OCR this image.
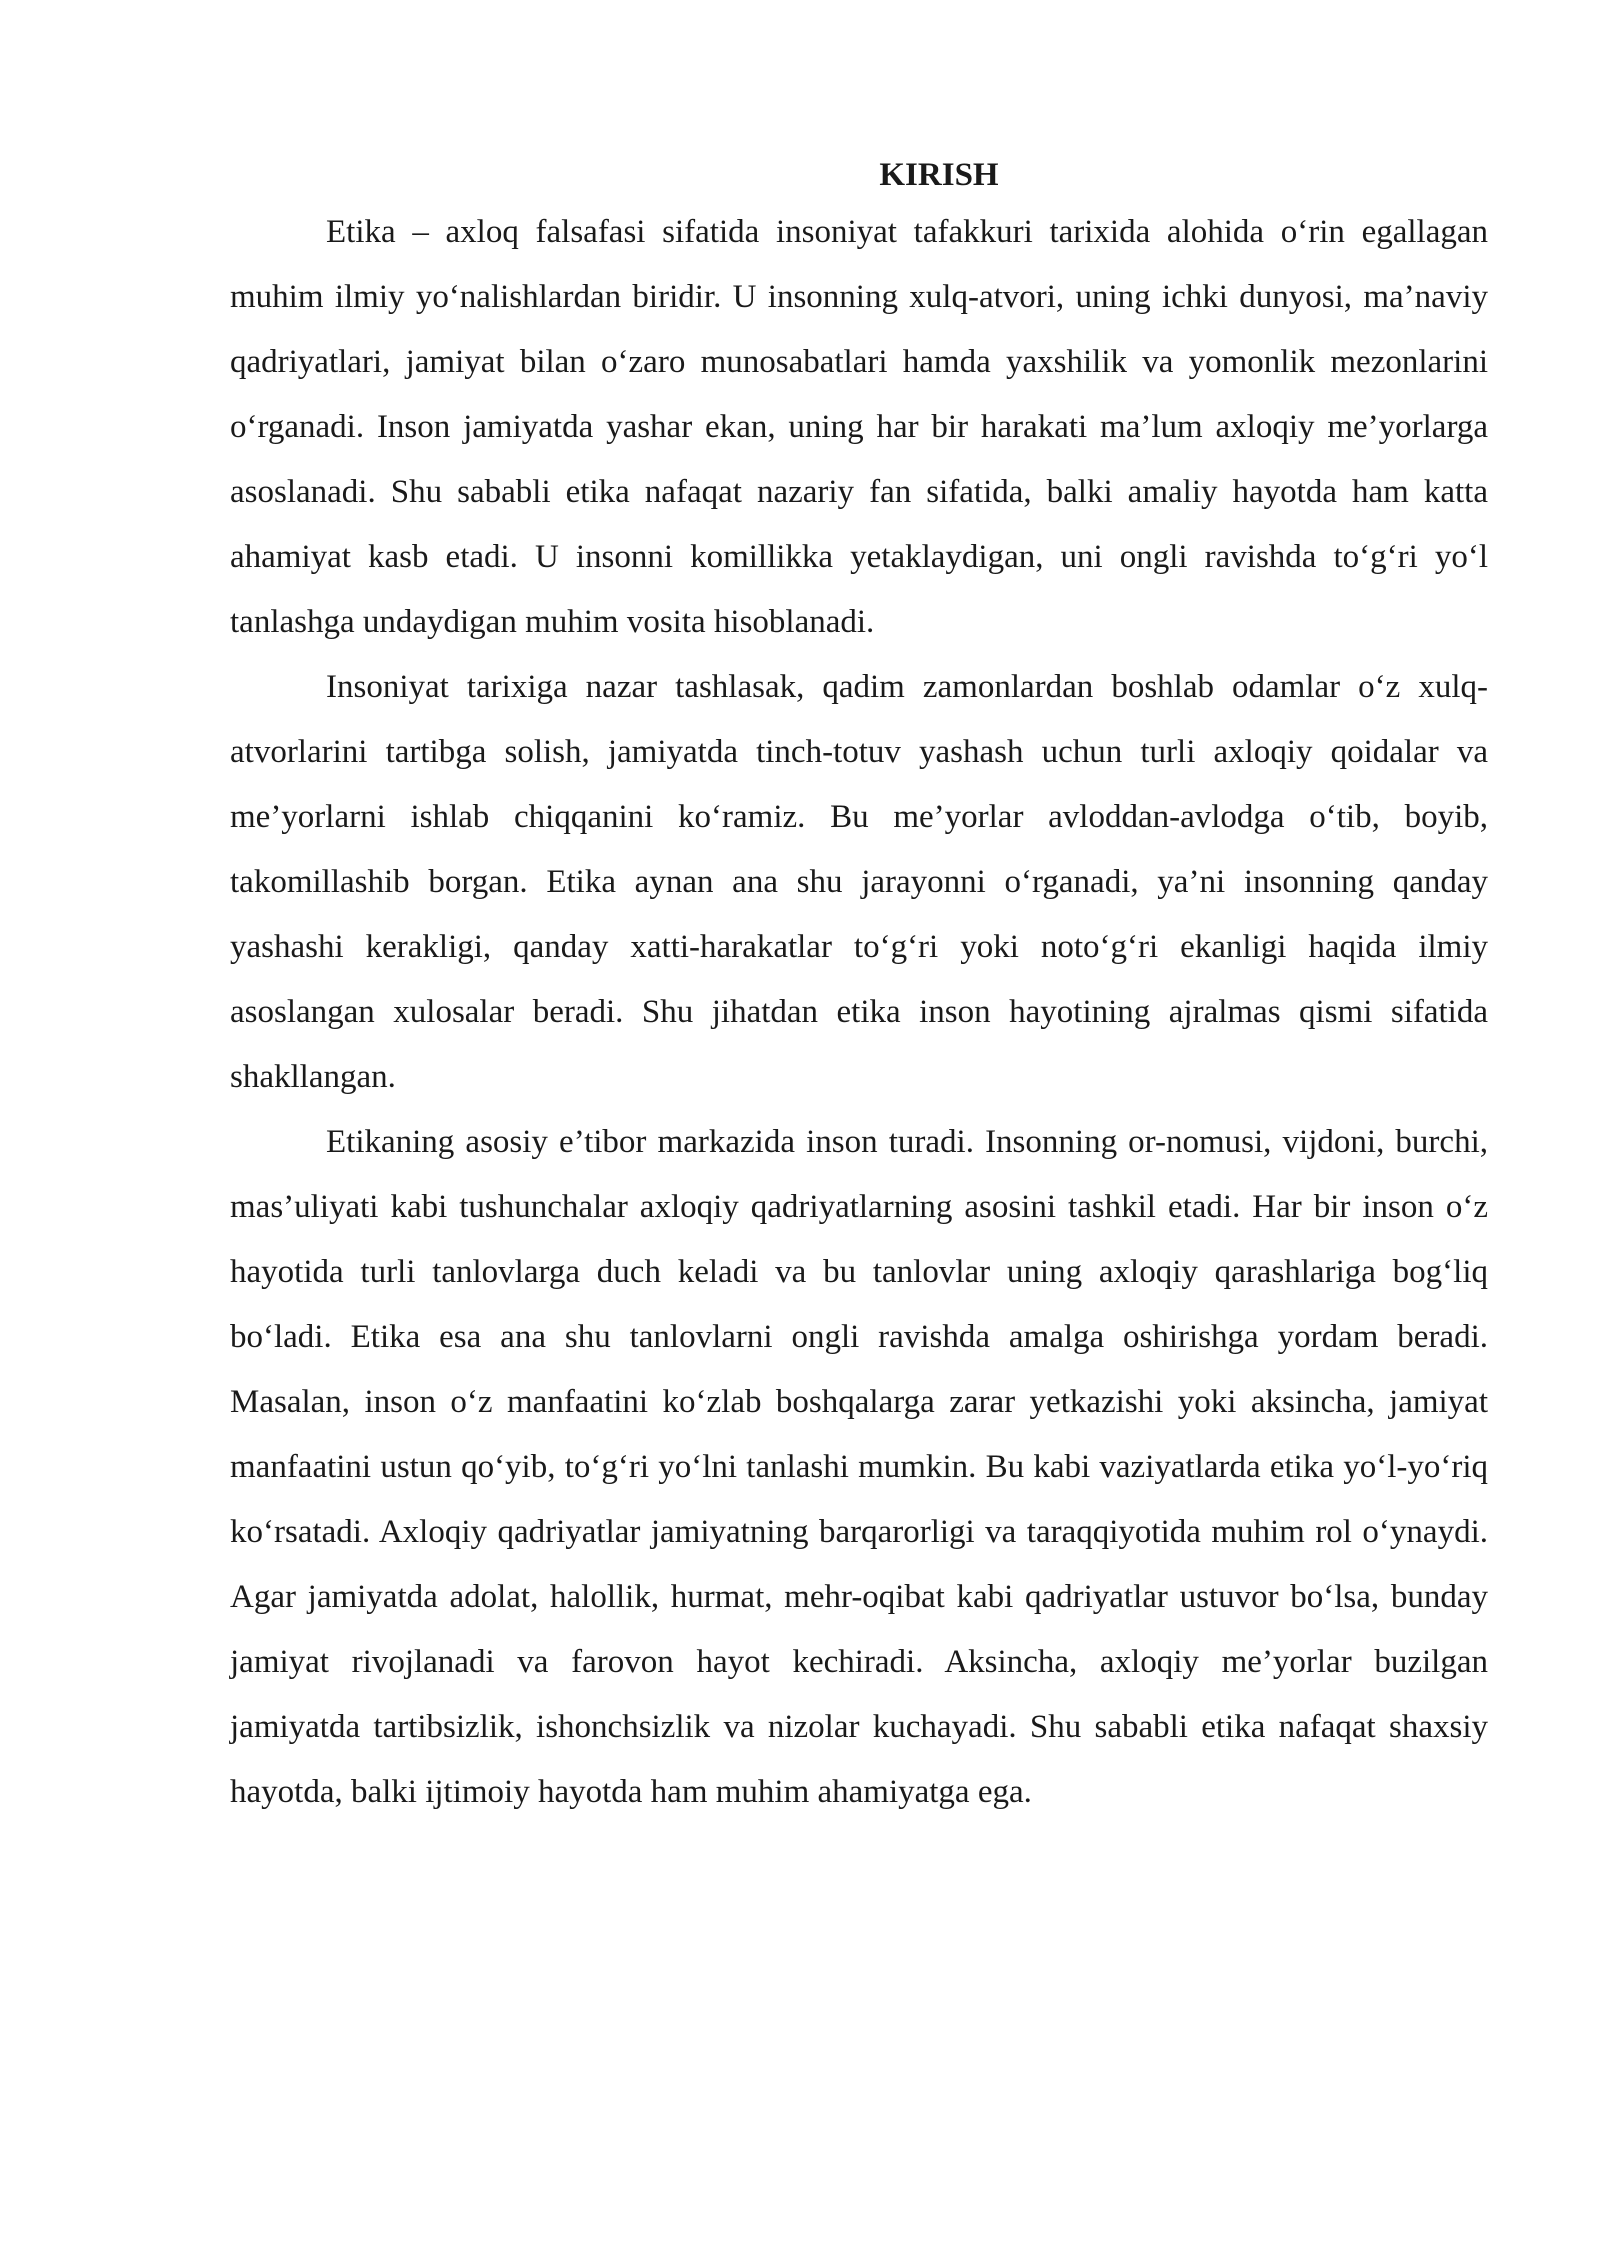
KIRISH

Etika – axloq falsafasi sifatida insoniyat tafakkuri tarixida alohida o‘rin egallagan muhim ilmiy yo‘nalishlardan biridir. U insonning xulq-atvori, uning ichki dunyosi, ma’naviy qadriyatlari, jamiyat bilan o‘zaro munosabatlari hamda yaxshilik va yomonlik mezonlarini o‘rganadi. Inson jamiyatda yashar ekan, uning har bir harakati ma’lum axloqiy me’yorlarga asoslanadi. Shu sababli etika nafaqat nazariy fan sifatida, balki amaliy hayotda ham katta ahamiyat kasb etadi. U insonni komillikka yetaklaydigan, uni ongli ravishda to‘g‘ri yo‘l tanlashga undaydigan muhim vosita hisoblanadi.

Insoniyat tarixiga nazar tashlasak, qadim zamonlardan boshlab odamlar o‘z xulq-atvorlarini tartibga solish, jamiyatda tinch-totuv yashash uchun turli axloqiy qoidalar va me’yorlarni ishlab chiqqanini ko‘ramiz. Bu me’yorlar avloddan-avlodga o‘tib, boyib, takomillashib borgan. Etika aynan ana shu jarayonni o‘rganadi, ya’ni insonning qanday yashashi kerakligi, qanday xatti-harakatlar to‘g‘ri yoki noto‘g‘ri ekanligi haqida ilmiy asoslangan xulosalar beradi. Shu jihatdan etika inson hayotining ajralmas qismi sifatida shakllangan.

Etikaning asosiy e’tibor markazida inson turadi. Insonning or-nomusi, vijdoni, burchi, mas’uliyati kabi tushunchalar axloqiy qadriyatlarning asosini tashkil etadi. Har bir inson o‘z hayotida turli tanlovlarga duch keladi va bu tanlovlar uning axloqiy qarashlariga bog‘liq bo‘ladi. Etika esa ana shu tanlovlarni ongli ravishda amalga oshirishga yordam beradi. Masalan, inson o‘z manfaatini ko‘zlab boshqalarga zarar yetkazishi yoki aksincha, jamiyat manfaatini ustun qo‘yib, to‘g‘ri yo‘lni tanlashi mumkin. Bu kabi vaziyatlarda etika yo‘l-yo‘riq ko‘rsatadi. Axloqiy qadriyatlar jamiyatning barqarorligi va taraqqiyotida muhim rol o‘ynaydi. Agar jamiyatda adolat, halollik, hurmat, mehr-oqibat kabi qadriyatlar ustuvor bo‘lsa, bunday jamiyat rivojlanadi va farovon hayot kechiradi. Aksincha, axloqiy me’yorlar buzilgan jamiyatda tartibsizlik, ishonchsizlik va nizolar kuchayadi. Shu sababli etika nafaqat shaxsiy hayotda, balki ijtimoiy hayotda ham muhim ahamiyatga ega.
